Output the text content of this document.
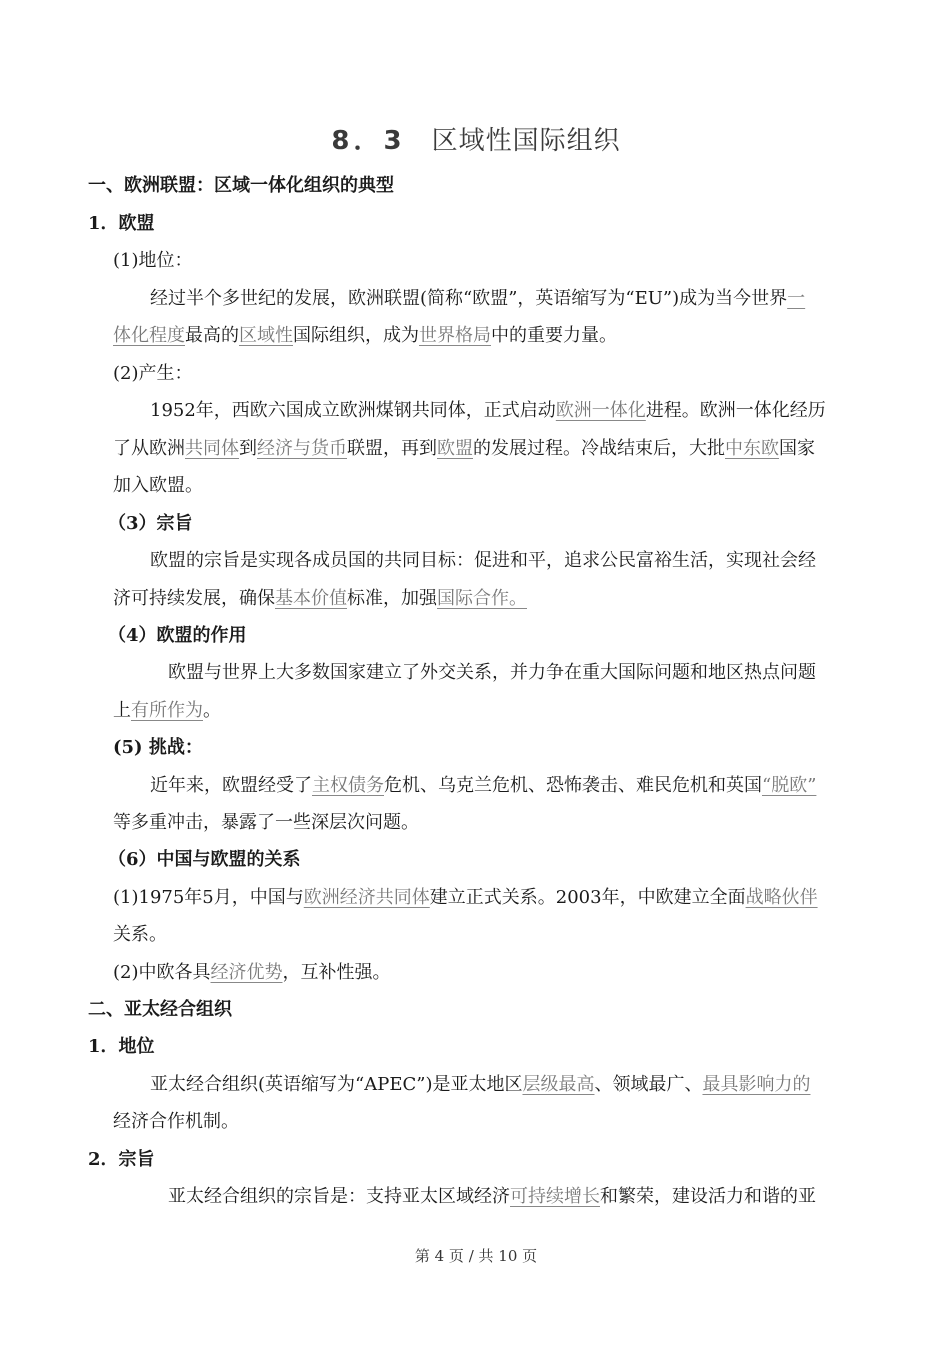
8．3 区域性国际组织
一、欧洲联盟：区域一体化组织的典型
1．欧盟
(1)地位：
经过半个多世纪的发展，欧洲联盟(简称“欧盟”，英语缩写为“EU”)成为当今世界一
体化程度最高的区域性国际组织，成为世界格局中的重要力量。
(2)产生：
1952年，西欧六国成立欧洲煤钢共同体，正式启动欧洲一体化进程。欧洲一体化经历
了从欧洲共同体到经济与货币联盟，再到欧盟的发展过程。冷战结束后，大批中东欧国家
加入欧盟。
（3）宗旨
欧盟的宗旨是实现各成员国的共同目标：促进和平，追求公民富裕生活，实现社会经
济可持续发展，确保基本价值标准，加强国际合作。
（4）欧盟的作用
欧盟与世界上大多数国家建立了外交关系，并力争在重大国际问题和地区热点问题
上有所作为。
(5) 挑战：
近年来，欧盟经受了主权债务危机、乌克兰危机、恐怖袭击、难民危机和英国“脱欧”
等多重冲击，暴露了一些深层次问题。
（6）中国与欧盟的关系
(1)1975年5月，中国与欧洲经济共同体建立正式关系。2003年，中欧建立全面战略伙伴
关系。
(2)中欧各具经济优势，互补性强。
二、亚太经合组织
1．地位
亚太经合组织(英语缩写为“APEC”)是亚太地区层级最高、领域最广、最具影响力的
经济合作机制。
2．宗旨
亚太经合组织的宗旨是：支持亚太区域经济可持续增长和繁荣，建设活力和谐的亚
第 4 页 / 共 10 页
